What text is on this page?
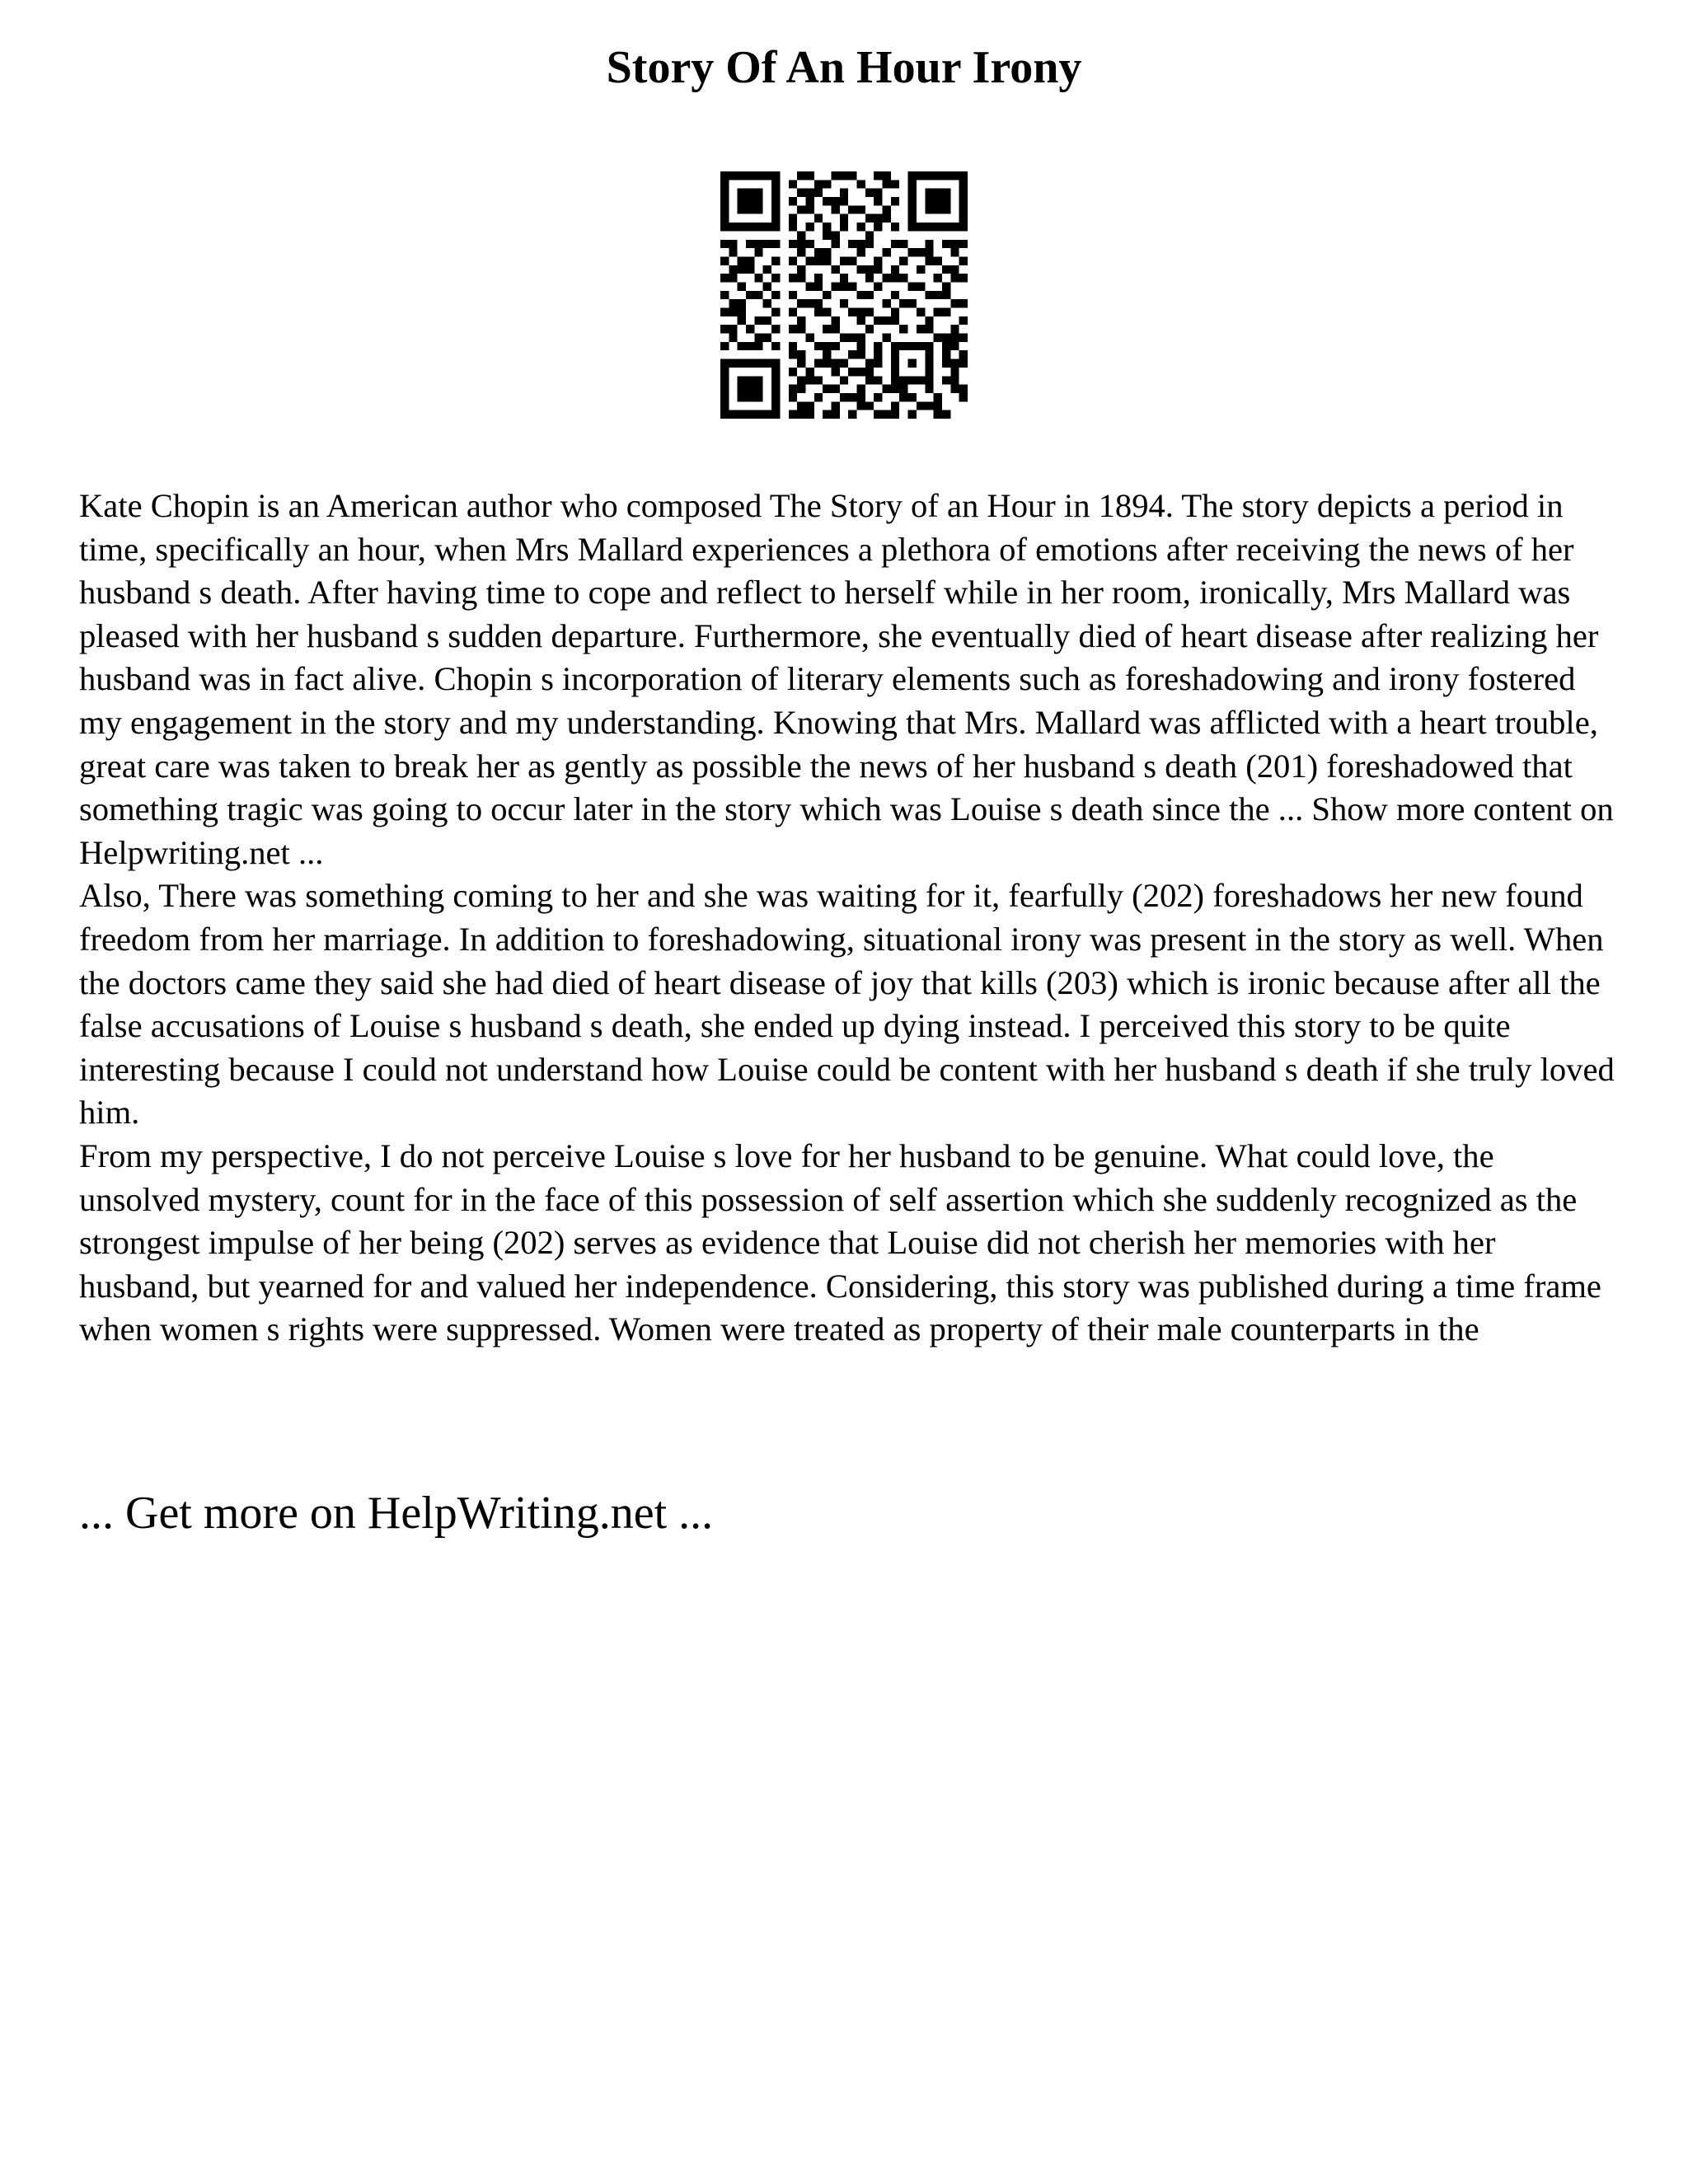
Story Of An Hour Irony

Kate Chopin is an American author who composed The Story of an Hour in 1894. The story depicts a period in time, specifically an hour, when Mrs Mallard experiences a plethora of emotions after receiving the news of her husband s death. After having time to cope and reflect to herself while in her room, ironically, Mrs Mallard was pleased with her husband s sudden departure. Furthermore, she eventually died of heart disease after realizing her husband was in fact alive. Chopin s incorporation of literary elements such as foreshadowing and irony fostered my engagement in the story and my understanding. Knowing that Mrs. Mallard was afflicted with a heart trouble, great care was taken to break her as gently as possible the news of her husband s death (201) foreshadowed that something tragic was going to occur later in the story which was Louise s death since the ... Show more content on Helpwriting.net ...

Also, There was something coming to her and she was waiting for it, fearfully (202) foreshadows her new found freedom from her marriage. In addition to foreshadowing, situational irony was present in the story as well. When the doctors came they said she had died of heart disease of joy that kills (203) which is ironic because after all the false accusations of Louise s husband s death, she ended up dying instead. I perceived this story to be quite interesting because I could not understand how Louise could be content with her husband s death if she truly loved him.

From my perspective, I do not perceive Louise s love for her husband to be genuine. What could love, the unsolved mystery, count for in the face of this possession of self assertion which she suddenly recognized as the strongest impulse of her being (202) serves as evidence that Louise did not cherish her memories with her husband, but yearned for and valued her independence. Considering, this story was published during a time frame when women s rights were suppressed. Women were treated as property of their male counterparts in the

... Get more on HelpWriting.net ...
